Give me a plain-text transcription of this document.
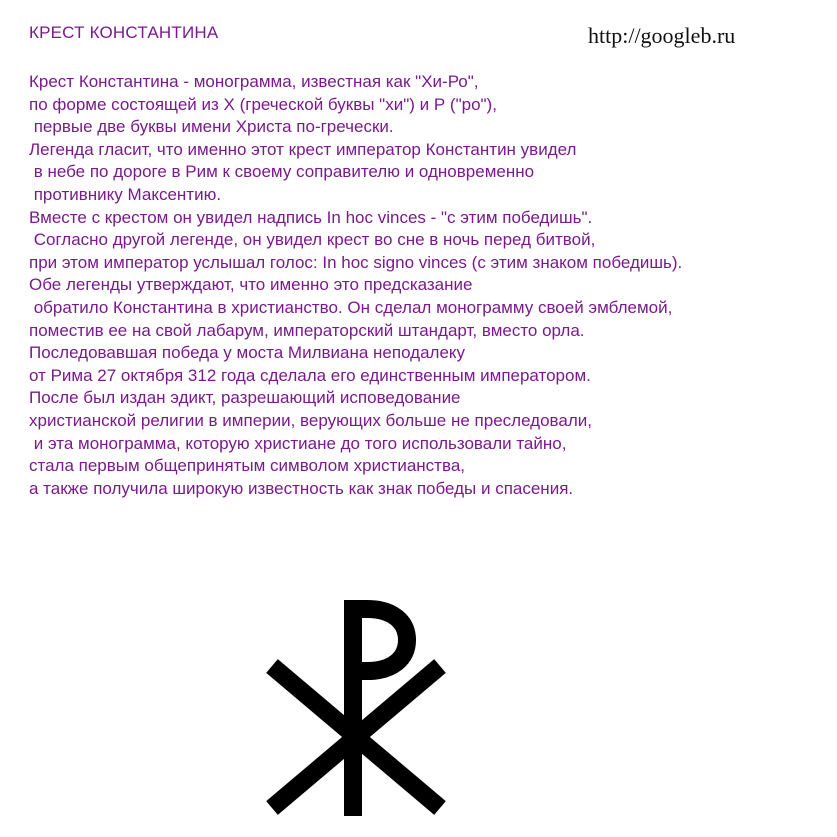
КРЕСТ КОНСТАНТИНА	http://googleb.ru
Крест Константина - монограмма, известная как "Хи-Ро",
по форме состоящей из X (греческой буквы "хи") и Р ("ро"),
первые две буквы имени Христа по-гречески.
Легенда гласит, что именно этот крест император Константин увидел
в небе по дороге в Рим к своему соправителю и одновременно
противнику Максентию.
Вместе с крестом он увидел надпись In hoc vinces - "с этим победишь".
Согласно другой легенде, он увидел крест во сне в ночь перед битвой,
при этом император услышал голос: In hoc signo vinces (с этим знаком победишь).
Обе легенды утверждают, что именно это предсказание
обратило Константина в христианство. Он сделал монограмму своей эмблемой,
поместив ее на свой лабарум, императорский штандарт, вместо орла.
Последовавшая победа у моста Милвиана неподалеку
от Рима 27 октября 312 года сделала его единственным императором.
После был издан эдикт, разрешающий исповедование
христианской религии в империи, верующих больше не преследовали,
и эта монограмма, которую христиане до того использовали тайно,
стала первым общепринятым символом христианства,
а также получила широкую известность как знак победы и спасения.
